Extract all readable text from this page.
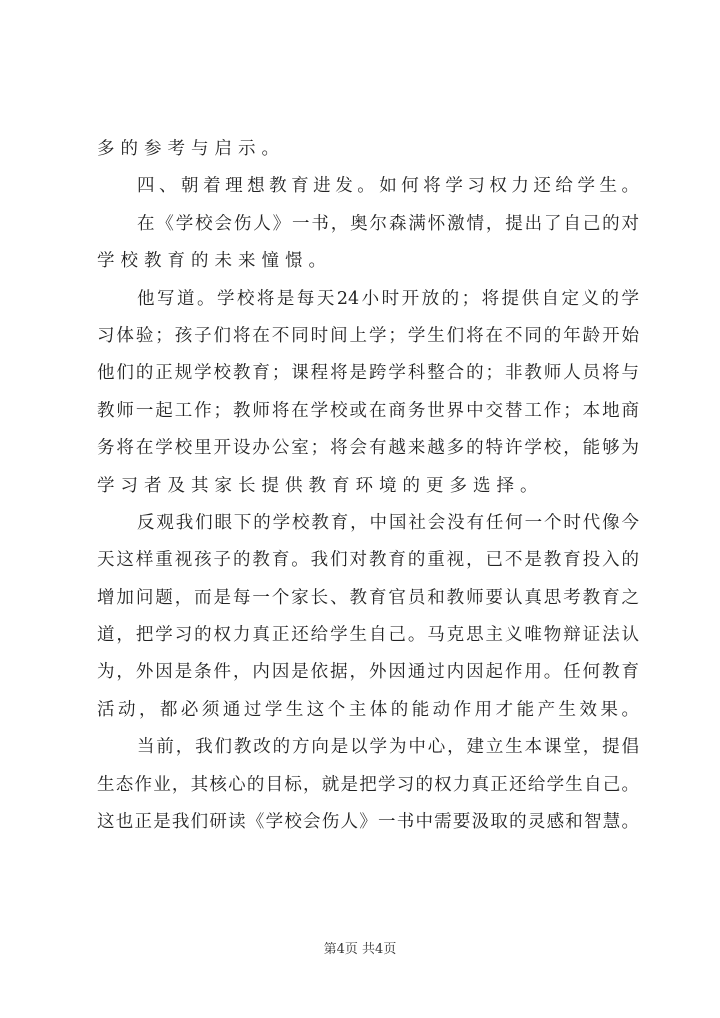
多的参考与启示。
四、朝着理想教育进发。如何将学习权力还给学生。
在《学校会伤人》一书，奥尔森满怀激情，提出了自己的对
学校教育的未来憧憬。
他写道。学校将是每天24小时开放的；将提供自定义的学
习体验；孩子们将在不同时间上学；学生们将在不同的年龄开始
他们的正规学校教育；课程将是跨学科整合的；非教师人员将与
教师一起工作；教师将在学校或在商务世界中交替工作；本地商
务将在学校里开设办公室；将会有越来越多的特许学校，能够为
学习者及其家长提供教育环境的更多选择。
反观我们眼下的学校教育，中国社会没有任何一个时代像今
天这样重视孩子的教育。我们对教育的重视，已不是教育投入的
增加问题，而是每一个家长、教育官员和教师要认真思考教育之
道，把学习的权力真正还给学生自己。马克思主义唯物辩证法认
为，外因是条件，内因是依据，外因通过内因起作用。任何教育
活动，都必须通过学生这个主体的能动作用才能产生效果。
当前，我们教改的方向是以学为中心，建立生本课堂，提倡
生态作业，其核心的目标，就是把学习的权力真正还给学生自己。
这也正是我们研读《学校会伤人》一书中需要汲取的灵感和智慧。
第4页 共4页
